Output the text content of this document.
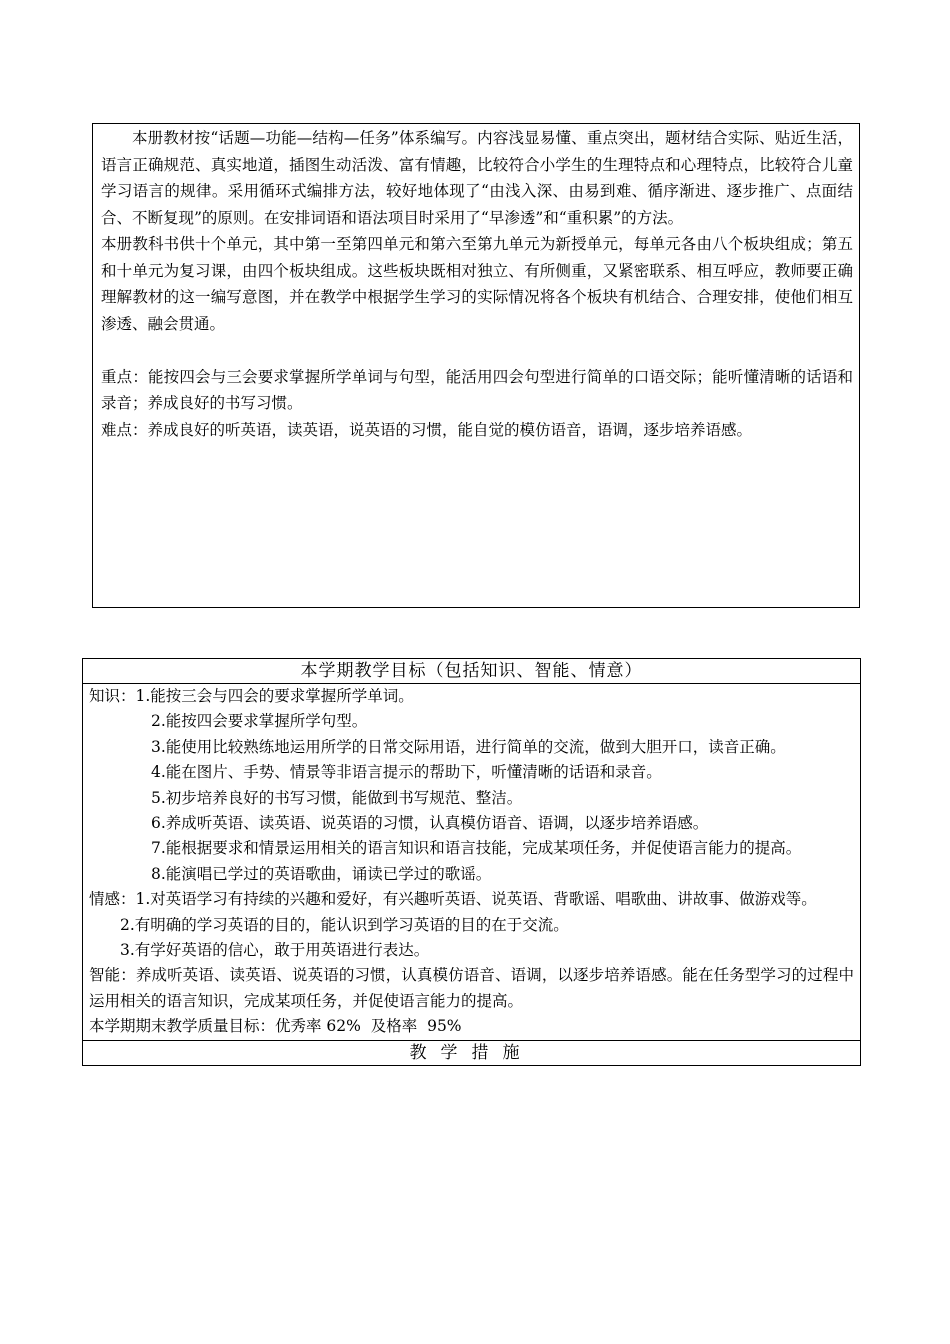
本册教材按“话题—功能—结构—任务”体系编写。内容浅显易懂、重点突出，题材结合实际、贴近生活，语言正确规范、真实地道，插图生动活泼、富有情趣，比较符合小学生的生理特点和心理特点，比较符合儿童学习语言的规律。采用循环式编排方法，较好地体现了“由浅入深、由易到难、循序渐进、逐步推广、点面结合、不断复现”的原则。在安排词语和语法项目时采用了“早渗透”和“重积累”的方法。

本册教科书供十个单元，其中第一至第四单元和第六至第九单元为新授单元，每单元各由八个板块组成；第五和十单元为复习课，由四个板块组成。这些板块既相对独立、有所侧重，又紧密联系、相互呼应，教师要正确理解教材的这一编写意图，并在教学中根据学生学习的实际情况将各个板块有机结合、合理安排，使他们相互渗透、融会贯通。

重点：能按四会与三会要求掌握所学单词与句型，能活用四会句型进行简单的口语交际；能听懂清晰的话语和录音；养成良好的书写习惯。

难点：养成良好的听英语，读英语，说英语的习惯，能自觉的模仿语音，语调，逐步培养语感。

本学期教学目标（包括知识、智能、情意）

知识：1.能按三会与四会的要求掌握所学单词。

2.能按四会要求掌握所学句型。

3.能使用比较熟练地运用所学的日常交际用语，进行简单的交流，做到大胆开口，读音正确。

4.能在图片、手势、情景等非语言提示的帮助下，听懂清晰的话语和录音。

5.初步培养良好的书写习惯，能做到书写规范、整洁。

6.养成听英语、读英语、说英语的习惯，认真模仿语音、语调，以逐步培养语感。

7.能根据要求和情景运用相关的语言知识和语言技能，完成某项任务，并促使语言能力的提高。

8.能演唱已学过的英语歌曲，诵读已学过的歌谣。

情感：1.对英语学习有持续的兴趣和爱好，有兴趣听英语、说英语、背歌谣、唱歌曲、讲故事、做游戏等。

2.有明确的学习英语的目的，能认识到学习英语的目的在于交流。

3.有学好英语的信心，敢于用英语进行表达。

智能：养成听英语、读英语、说英语的习惯，认真模仿语音、语调，以逐步培养语感。能在任务型学习的过程中运用相关的语言知识，完成某项任务，并促使语言能力的提高。

本学期期末教学质量目标：优秀率 62%  及格率  95%

教学措施
